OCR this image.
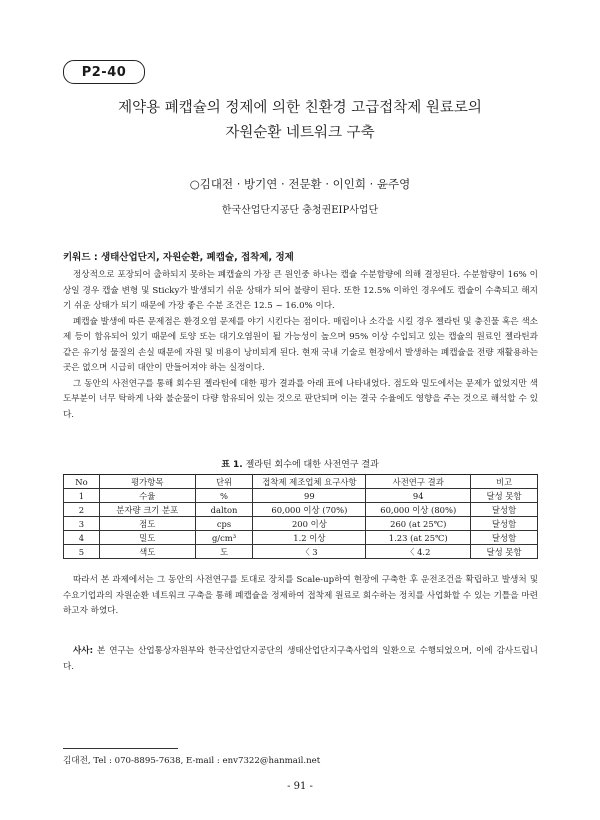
P2-40
제약용 폐캡슐의 정제에 의한 친환경 고급접착제 원료로의
자원순환 네트워크 구축
○김대전 · 방기연 · 전문환 · 이인희 · 윤주영
한국산업단지공단 충청권EIP사업단
키워드 : 생태산업단지, 자원순환, 폐캡슐, 접착제, 정제

정상적으로 포장되어 출하되지 못하는 폐캡슐의 가장 큰 원인중 하나는 캡슐 수분함량에 의해 결정된다. 수분함량이 16% 이상일 경우 캡슐 변형 및 Sticky가 발생되기 쉬운 상태가 되어 불량이 된다. 또한 12.5% 이하인 경우에도 캡슐이 수축되고 해지기 쉬운 상태가 되기 때문에 가장 좋은 수분 조건은 12.5 ~ 16.0% 이다.

폐캡슐 발생에 따른 문제점은 환경오염 문제를 야기 시킨다는 점이다. 매립이나 소각을 시킬 경우 젤라틴 및 충진물 혹은 색소제 등이 함유되어 있기 때문에 토양 또는 대기오염원이 될 가능성이 높으며 95% 이상 수입되고 있는 캡슐의 원료인 젤라틴과 같은 유기성 물질의 손실 때문에 자원 및 비용이 낭비되게 된다. 현재 국내 기술로 현장에서 발생하는 폐캡슐을 전량 재활용하는 곳은 없으며 시급히 대안이 만들어져야 하는 실정이다.

그 동안의 사전연구를 통해 회수된 젤라틴에 대한 평가 결과를 아래 표에 나타내었다. 점도와 밀도에서는 문제가 없었지만 색도부분이 너무 탁하게 나와 불순물이 다량 함유되어 있는 것으로 판단되며 이는 결국 수율에도 영향을 주는 것으로 해석할 수 있다.

표 1. 젤라틴 회수에 대한 사전연구 결과
No	평가항목	단위	접착제 제조업체 요구사항	사전연구 결과	비고
1	수율	%	99	94	달성 못함
2	분자량 크기 분포	dalton	60,000 이상 (70%)	60,000 이상 (80%)	달성함
3	점도	cps	200 이상	260 (at 25℃)	달성함
4	밀도	g/cm³	1.2 이상	1.23 (at 25℃)	달성함
5	색도	도	〈 3	〈 4.2	달성 못함

따라서 본 과제에서는 그 동안의 사전연구를 토대로 장치를 Scale-up하여 현장에 구축한 후 운전조건을 확립하고 발생처 및 수요기업과의 자원순환 네트워크 구축을 통해 폐캡슐을 정제하여 접착제 원료로 회수하는 정치를 사업화할 수 있는 기틀을 마련하고자 하였다.

사사: 본 연구는 산업통상자원부와 한국산업단지공단의 생태산업단지구축사업의 일환으로 수행되었으며, 이에 감사드립니다.
김대전, Tel : 070-8895-7638, E-mail : env7322@hanmail.net
- 91 -
